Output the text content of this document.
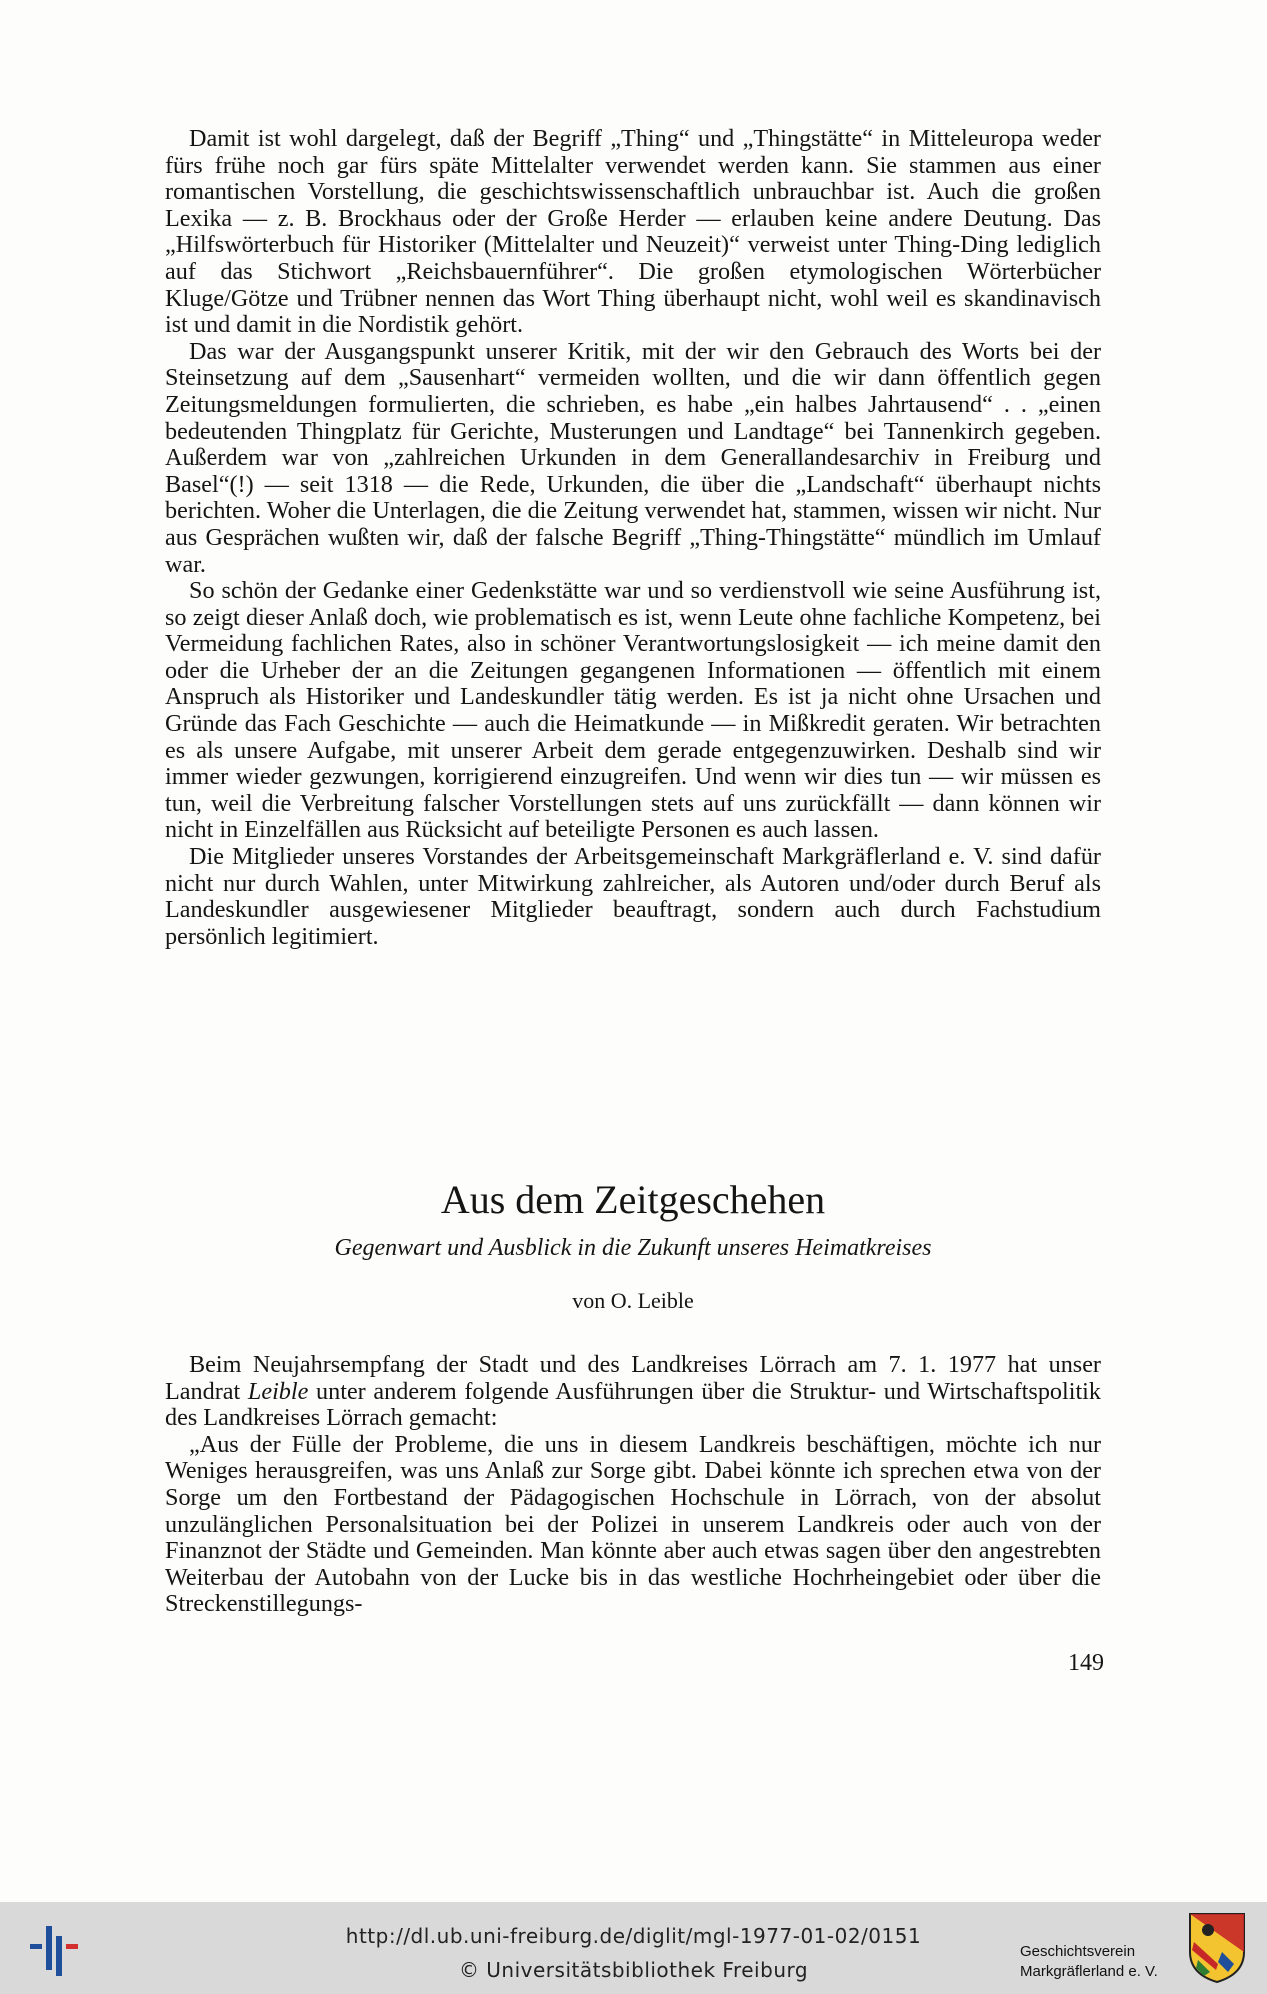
Damit ist wohl dargelegt, daß der Begriff „Thing“ und „Thingstätte“ in Mitteleuropa weder fürs frühe noch gar fürs späte Mittelalter verwendet werden kann. Sie stammen aus einer romantischen Vorstellung, die geschichtswissenschaftlich unbrauchbar ist. Auch die großen Lexika — z. B. Brockhaus oder der Große Herder — erlauben keine andere Deutung. Das „Hilfswörterbuch für Historiker (Mittelalter und Neuzeit)“ verweist unter Thing-Ding lediglich auf das Stichwort „Reichsbauernführer“. Die großen etymologischen Wörterbücher Kluge/Götze und Trübner nennen das Wort Thing überhaupt nicht, wohl weil es skandinavisch ist und damit in die Nordistik gehört.

Das war der Ausgangspunkt unserer Kritik, mit der wir den Gebrauch des Worts bei der Steinsetzung auf dem „Sausenhart“ vermeiden wollten, und die wir dann öffentlich gegen Zeitungsmeldungen formulierten, die schrieben, es habe „ein halbes Jahrtausend“ . . „einen bedeutenden Thingplatz für Gerichte, Musterungen und Landtage“ bei Tannenkirch gegeben. Außerdem war von „zahlreichen Urkunden in dem Generallandesarchiv in Freiburg und Basel“(!) — seit 1318 — die Rede, Urkunden, die über die „Landschaft“ überhaupt nichts berichten. Woher die Unterlagen, die die Zeitung verwendet hat, stammen, wissen wir nicht. Nur aus Gesprächen wußten wir, daß der falsche Begriff „Thing-Thingstätte“ mündlich im Umlauf war.

So schön der Gedanke einer Gedenkstätte war und so verdienstvoll wie seine Ausführung ist, so zeigt dieser Anlaß doch, wie problematisch es ist, wenn Leute ohne fachliche Kompetenz, bei Vermeidung fachlichen Rates, also in schöner Verantwortungslosigkeit — ich meine damit den oder die Urheber der an die Zeitungen gegangenen Informationen — öffentlich mit einem Anspruch als Historiker und Landeskundler tätig werden. Es ist ja nicht ohne Ursachen und Gründe das Fach Geschichte — auch die Heimatkunde — in Mißkredit geraten. Wir betrachten es als unsere Aufgabe, mit unserer Arbeit dem gerade entgegenzuwirken. Deshalb sind wir immer wieder gezwungen, korrigierend einzugreifen. Und wenn wir dies tun — wir müssen es tun, weil die Verbreitung falscher Vorstellungen stets auf uns zurückfällt — dann können wir nicht in Einzelfällen aus Rücksicht auf beteiligte Personen es auch lassen.

Die Mitglieder unseres Vorstandes der Arbeitsgemeinschaft Markgräflerland e. V. sind dafür nicht nur durch Wahlen, unter Mitwirkung zahlreicher, als Autoren und/oder durch Beruf als Landeskundler ausgewiesener Mitglieder beauftragt, sondern auch durch Fachstudium persönlich legitimiert.

Aus dem Zeitgeschehen
Gegenwart und Ausblick in die Zukunft unseres Heimatkreises
von O. Leible

Beim Neujahrsempfang der Stadt und des Landkreises Lörrach am 7. 1. 1977 hat unser Landrat Leible unter anderem folgende Ausführungen über die Struktur- und Wirtschaftspolitik des Landkreises Lörrach gemacht:

„Aus der Fülle der Probleme, die uns in diesem Landkreis beschäftigen, möchte ich nur Weniges herausgreifen, was uns Anlaß zur Sorge gibt. Dabei könnte ich sprechen etwa von der Sorge um den Fortbestand der Pädagogischen Hochschule in Lörrach, von der absolut unzulänglichen Personalsituation bei der Polizei in unserem Landkreis oder auch von der Finanznot der Städte und Gemeinden. Man könnte aber auch etwas sagen über den angestrebten Weiterbau der Autobahn von der Lucke bis in das westliche Hochrheingebiet oder über die Streckenstillegungs-

149
http://dl.ub.uni-freiburg.de/diglit/mgl-1977-01-02/0151
© Universitätsbibliothek Freiburg
Geschichtsverein
Markgräflerland e. V.
